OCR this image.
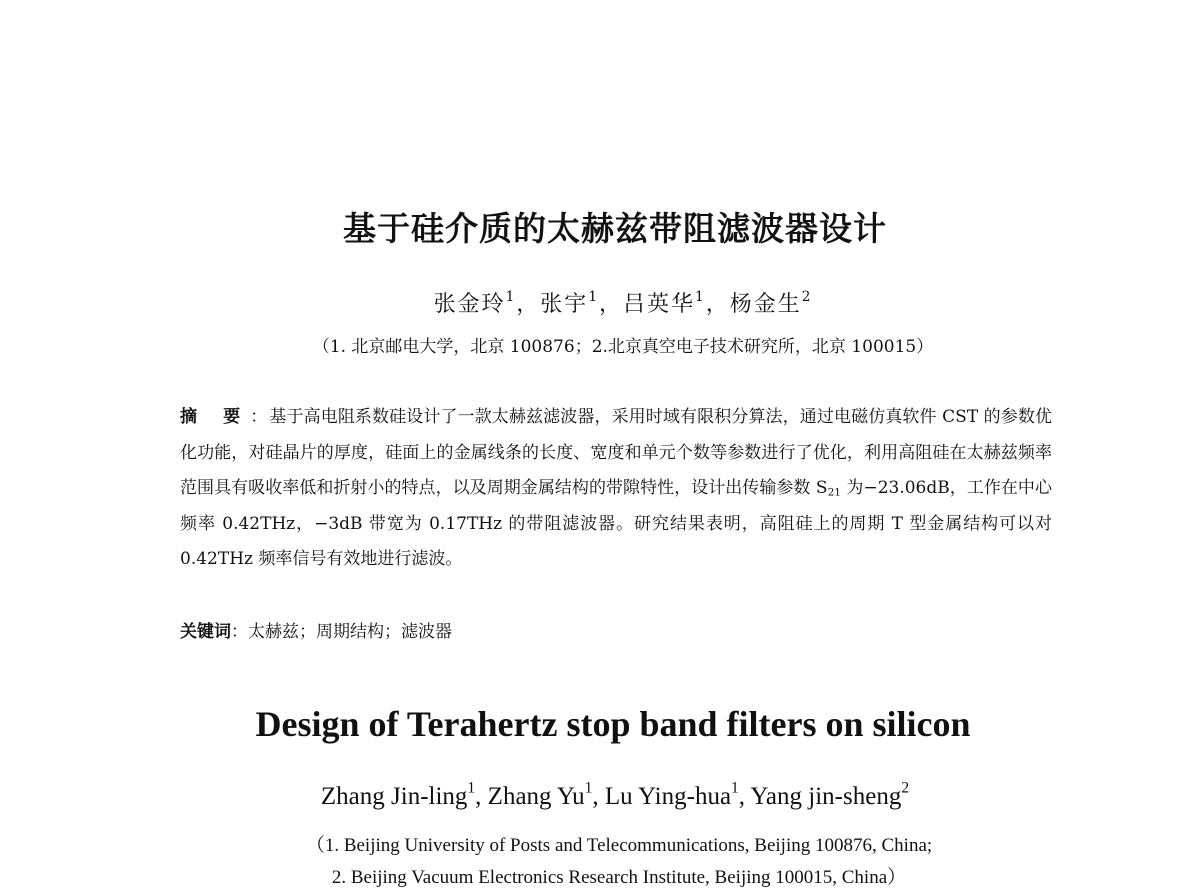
基于硅介质的太赫兹带阻滤波器设计
张金玲$^1$，张宇$^1$，吕英华$^1$，杨金生$^2$
（1. 北京邮电大学，北京 100876；2.北京真空电子技术研究所，北京 100015）
摘 要： 基于高电阻系数硅设计了一款太赫兹滤波器，采用时域有限积分算法，通过电磁仿真软件 CST 的参数优化功能，对硅晶片的厚度，硅面上的金属线条的长度、宽度和单元个数等参数进行了优化，利用高阻硅在太赫兹频率范围具有吸收率低和折射小的特点，以及周期金属结构的带隙特性，设计出传输参数 $S_{21}$ 为−23.06dB，工作在中心频率 0.42THz，−3dB 带宽为 0.17THz 的带阻滤波器。研究结果表明，高阻硅上的周期 T 型金属结构可以对 0.42THz 频率信号有效地进行滤波。
关键词：太赫兹；周期结构；滤波器
Design of Terahertz stop band filters on silicon
Zhang Jin-ling$^1$, Zhang Yu$^1$, Lu Ying-hua$^1$, Yang jin-sheng$^2$
（1. Beijing University of Posts and Telecommunications, Beijing 100876, China;
2. Beijing Vacuum Electronics Research Institute, Beijing 100015, China）
